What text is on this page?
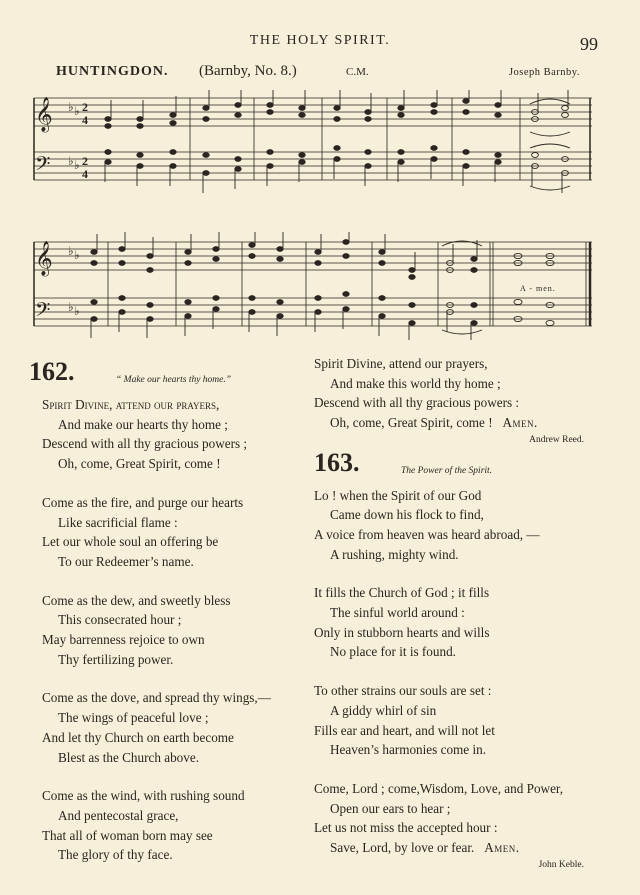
THE HOLY SPIRIT.	99
HUNTINGDON. (Barnby, No. 8.)	C.M.	Joseph Barnby.
𝄞
𝄢
♭ ♭
♭ ♭
2
4
2
4
𝄞
𝄢
♭ ♭
♭ ♭
A - men.
162.	“ Make our hearts thy home.”
Spirit Divine, attend our prayers,
And make our hearts thy home ;
Descend with all thy gracious powers ;
Oh, come, Great Spirit, come !
Come as the fire, and purge our hearts
Like sacrificial flame :
Let our whole soul an offering be
To our Redeemer’s name.
Come as the dew, and sweetly bless
This consecrated hour ;
May barrenness rejoice to own
Thy fertilizing power.
Come as the dove, and spread thy wings,—
The wings of peaceful love ;
And let thy Church on earth become
Blest as the Church above.
Come as the wind, with rushing sound
And pentecostal grace,
That all of woman born may see
The glory of thy face.
Spirit Divine, attend our prayers,
And make this world thy home ;
Descend with all thy gracious powers :
Oh, come, Great Spirit, come ! Amen.
Andrew Reed.
163.	The Power of the Spirit.
Lo ! when the Spirit of our God
Came down his flock to find,
A voice from heaven was heard abroad, —
A rushing, mighty wind.
It fills the Church of God ; it fills
The sinful world around :
Only in stubborn hearts and wills
No place for it is found.
To other strains our souls are set :
A giddy whirl of sin
Fills ear and heart, and will not let
Heaven’s harmonies come in.
Come, Lord ; come,Wisdom, Love, and Power,
Open our ears to hear ;
Let us not miss the accepted hour :
Save, Lord, by love or fear. Amen.
John Keble.
